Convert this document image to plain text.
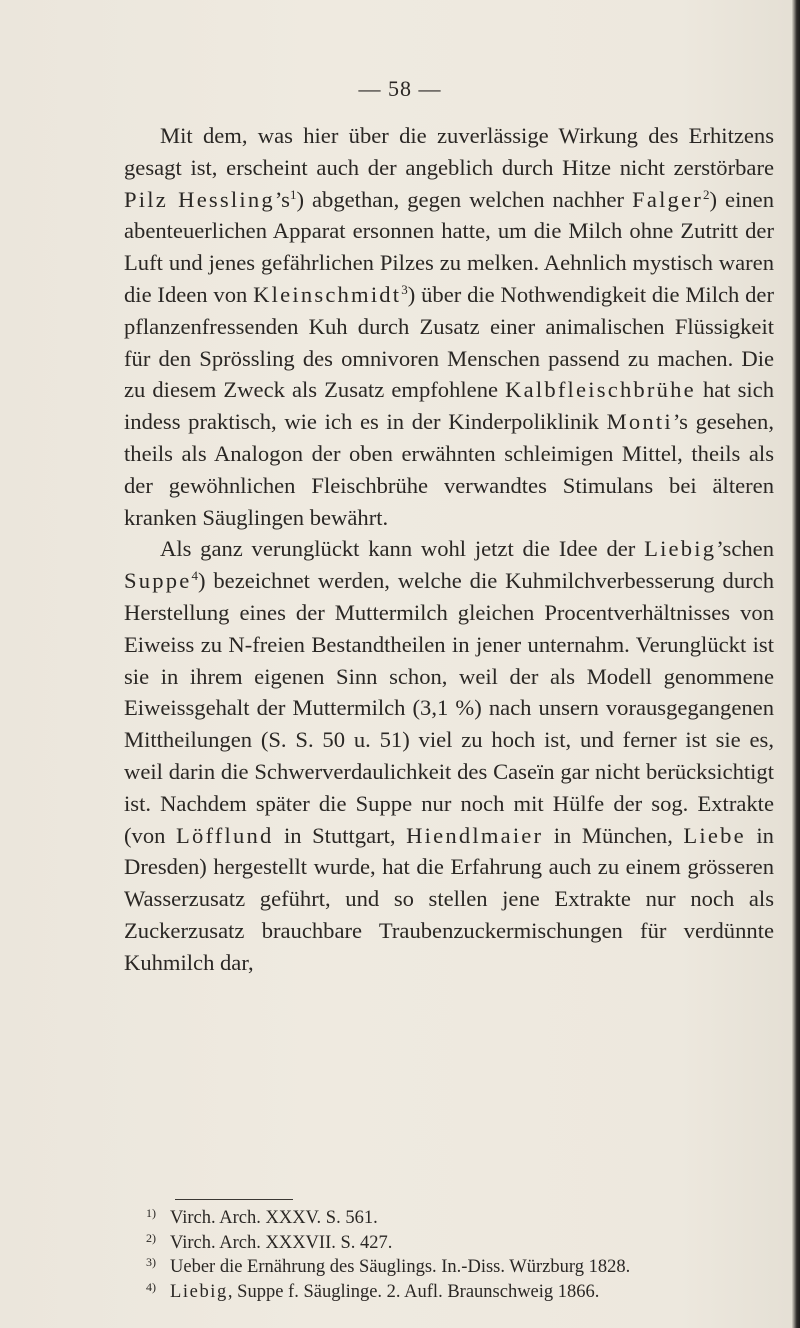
— 58 —

Mit dem, was hier über die zuverlässige Wirkung des Erhitzens gesagt ist, erscheint auch der angeblich durch Hitze nicht zerstörbare Pilz $Hessling’s^1$) abgethan, gegen welchen nachher Falger$^2$) einen abenteuerlichen Apparat ersonnen hatte, um die Milch ohne Zutritt der Luft und jenes gefährlichen Pilzes zu melken. Aehnlich mystisch waren die Ideen von Kleinschmidt$^3$) über die Nothwendigkeit die Milch der pflanzenfressenden Kuh durch Zusatz einer animalischen Flüssigkeit für den Sprössling des omnivoren Menschen passend zu machen. Die zu diesem Zweck als Zusatz empfohlene Kalbfleischbrühe hat sich indess praktisch, wie ich es in der Kinderpoliklinik Monti’s gesehen, theils als Analogon der oben erwähnten schleimigen Mittel, theils als der gewöhnlichen Fleischbrühe verwandtes Stimulans bei älteren kranken Säuglingen bewährt.

Als ganz verunglückt kann wohl jetzt die Idee der Liebig’schen Suppe$^4$) bezeichnet werden, welche die Kuhmilchverbesserung durch Herstellung eines der Muttermilch gleichen Procentverhältnisses von Eiweiss zu N-freien Bestandtheilen in jener unternahm. Verunglückt ist sie in ihrem eigenen Sinn schon, weil der als Modell genommene Eiweissgehalt der Muttermilch (3,1 %) nach unsern vorausgegangenen Mittheilungen (S. S. 50 u. 51) viel zu hoch ist, und ferner ist sie es, weil darin die Schwerverdaulichkeit des Caseïn gar nicht berücksichtigt ist. Nachdem später die Suppe nur noch mit Hülfe der sog. Extrakte (von Löfflund in Stuttgart, Hiendlmaier in München, Liebe in Dresden) hergestellt wurde, hat die Erfahrung auch zu einem grösseren Wasserzusatz geführt, und so stellen jene Extrakte nur noch als Zuckerzusatz brauchbare Traubenzuckermischungen für verdünnte Kuhmilch dar,

1) Virch. Arch. XXXV. S. 561.
2) Virch. Arch. XXXVII. S. 427.
3) Ueber die Ernährung des Säuglings. In.-Diss. Würzburg 1828.
4) Liebig, Suppe f. Säuglinge. 2. Aufl. Braunschweig 1866.
